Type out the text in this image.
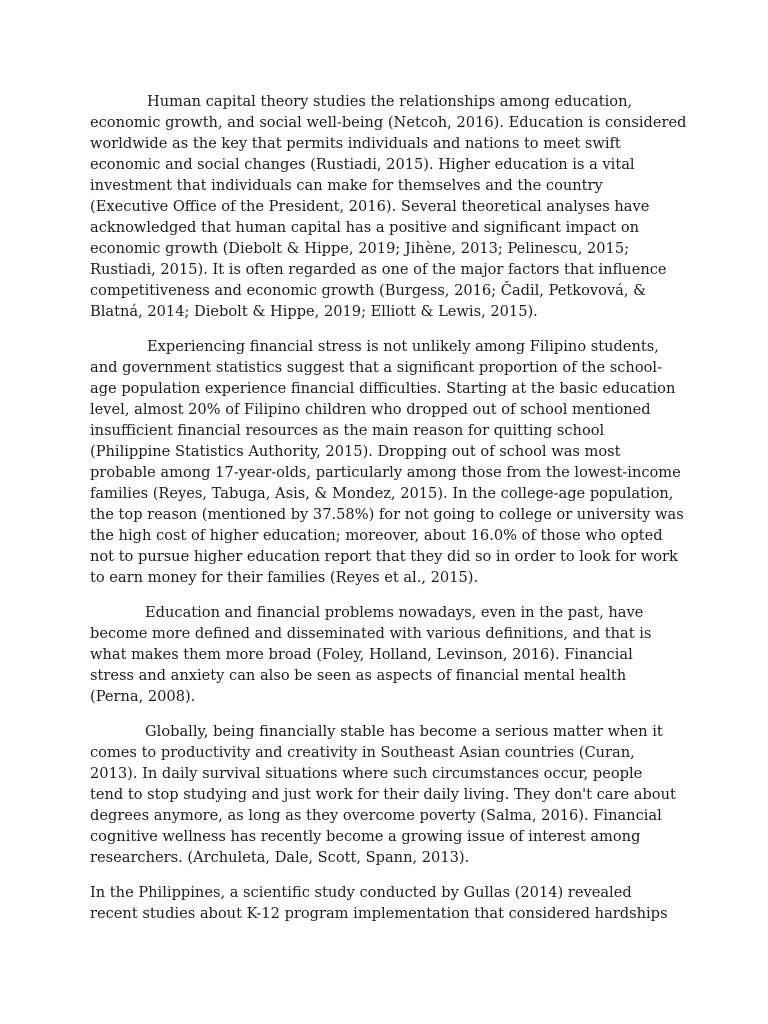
Human capital theory studies the relationships among education,
economic growth, and social well-being (Netcoh, 2016). Education is considered
worldwide as the key that permits individuals and nations to meet swift
economic and social changes (Rustiadi, 2015). Higher education is a vital
investment that individuals can make for themselves and the country
(Executive Office of the President, 2016). Several theoretical analyses have
acknowledged that human capital has a positive and significant impact on
economic growth (Diebolt & Hippe, 2019; Jihène, 2013; Pelinescu, 2015;
Rustiadi, 2015). It is often regarded as one of the major factors that influence
competitiveness and economic growth (Burgess, 2016; Čadil, Petkovová, &
Blatná, 2014; Diebolt & Hippe, 2019; Elliott & Lewis, 2015).

Experiencing financial stress is not unlikely among Filipino students,
and government statistics suggest that a significant proportion of the school-
age population experience financial difficulties. Starting at the basic education
level, almost 20% of Filipino children who dropped out of school mentioned
insufficient financial resources as the main reason for quitting school
(Philippine Statistics Authority, 2015). Dropping out of school was most
probable among 17-year-olds, particularly among those from the lowest-income
families (Reyes, Tabuga, Asis, & Mondez, 2015). In the college-age population,
the top reason (mentioned by 37.58%) for not going to college or university was
the high cost of higher education; moreover, about 16.0% of those who opted
not to pursue higher education report that they did so in order to look for work
to earn money for their families (Reyes et al., 2015).

Education and financial problems nowadays, even in the past, have
become more defined and disseminated with various definitions, and that is
what makes them more broad (Foley, Holland, Levinson, 2016). Financial
stress and anxiety can also be seen as aspects of financial mental health
(Perna, 2008).

Globally, being financially stable has become a serious matter when it
comes to productivity and creativity in Southeast Asian countries (Curan,
2013). In daily survival situations where such circumstances occur, people
tend to stop studying and just work for their daily living. They don't care about
degrees anymore, as long as they overcome poverty (Salma, 2016). Financial
cognitive wellness has recently become a growing issue of interest among
researchers. (Archuleta, Dale, Scott, Spann, 2013).

In the Philippines, a scientific study conducted by Gullas (2014) revealed
recent studies about K-12 program implementation that considered hardships
